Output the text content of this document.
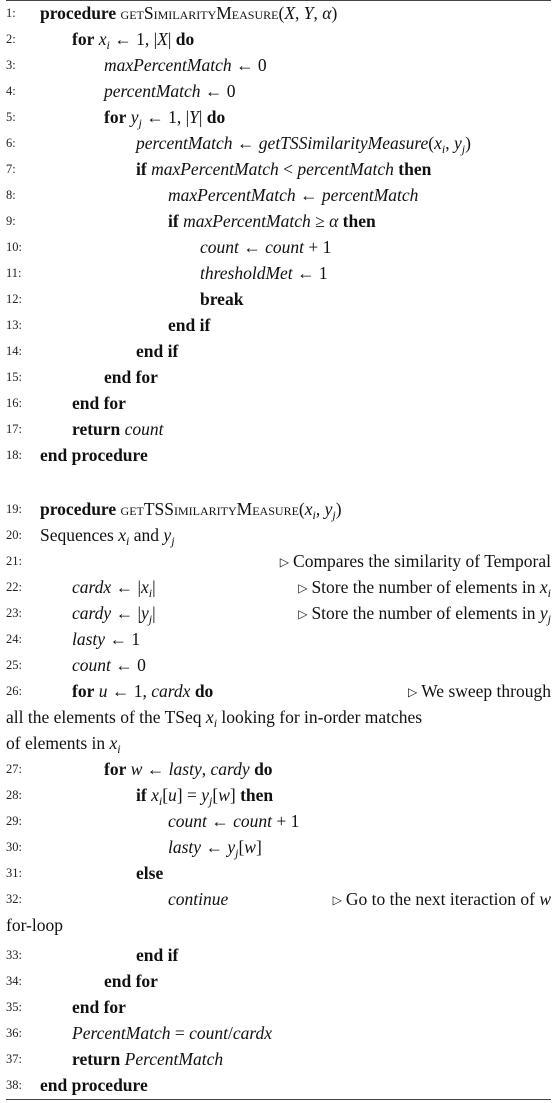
1:	procedure getSimilarityMeasure(X, Y, α)
2:	for $x_i$ ← 1, |X| do
3:	maxPercentMatch ← 0
4:	percentMatch ← 0
5:	for $y_j$ ← 1, |Y| do
6:	percentMatch ← $getTSSimilarityMeasure(x_i$, $y_j$)
7:	if maxPercentMatch < percentMatch then
8:	maxPercentMatch ← percentMatch
9:	if maxPercentMatch ≥ α then
10:	count ← count + 1
11:	thresholdMet ← 1
12:	break
13:	end if
14:	end if
15:	end for
16:	end for
17:	return count
18:	end procedure
19:	procedure $getTSSimilarityMeasure(x_i$, $y_j$)
20:	Sequences $x_i$ and $y_j$
21:	▷ Compares the similarity of Temporal
22:	cardx ← $|x_i|$	▷ Store the number of elements in $x_i$
23:	cardy ← $|y_j|$	▷ Store the number of elements in $y_j$
24:	lasty ← 1
25:	count ← 0
26:	for u ← 1, cardx do	▷ We sweep through
all the elements of the TSeq $x_i$ looking for in-order matches
of elements in $x_i$
27:	for w ← lasty, cardy do
28:	if $x_i[u] = y_j[w]$ then
29:	count ← count + 1
30:	lasty ← $y_j[w]$
31:	else
32:	continue	▷ Go to the next iteraction of w
for-loop
33:	end if
34:	end for
35:	end for
36:	PercentMatch = count/cardx
37:	return PercentMatch
38:	end procedure
